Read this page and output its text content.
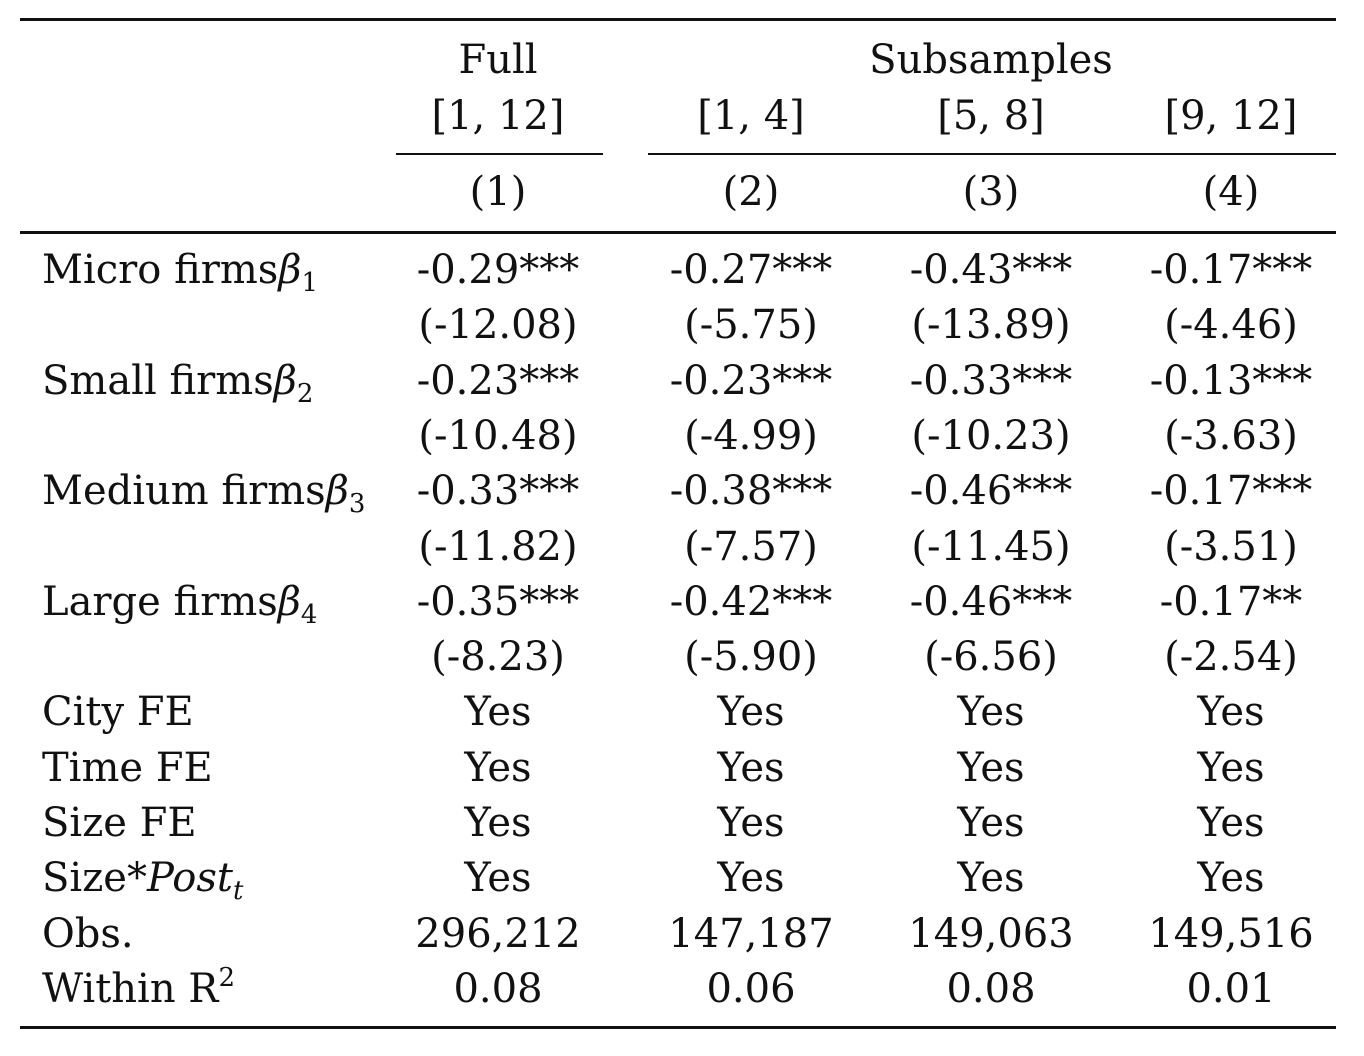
Full	Subsamples
[1, 12]	[1, 4]	[5, 8]	[9, 12]
(1)	(2)	(3)	(4)
Micro firmsβ$_1$ -0.29*** -0.27*** -0.43*** -0.17***
(-12.08)	(-5.75) (-13.89) (-4.46)
Small firmsβ$_2$	-0.23*** -0.23*** -0.33*** -0.13***
(-10.48)	(-4.99) (-10.23) (-3.63)
Medium firmsβ$_3$ -0.33*** -0.38*** -0.46*** -0.17***
(-11.82)	(-7.57) (-11.45) (-3.51)
Large firmsβ$_4$ -0.35*** -0.42*** -0.46*** -0.17**
(-8.23)	(-5.90)	(-6.56)	(-2.54)
City FE	Yes	Yes	Yes	Yes
Time FE	Yes	Yes	Yes	Yes
Size FE	Yes	Yes	Yes	Yes
Size*Post$_t$	Yes	Yes	Yes	Yes
Obs.	296,212 147,187 149,063 149,516
Within $R^2$	0.08	0.06	0.08	0.01
